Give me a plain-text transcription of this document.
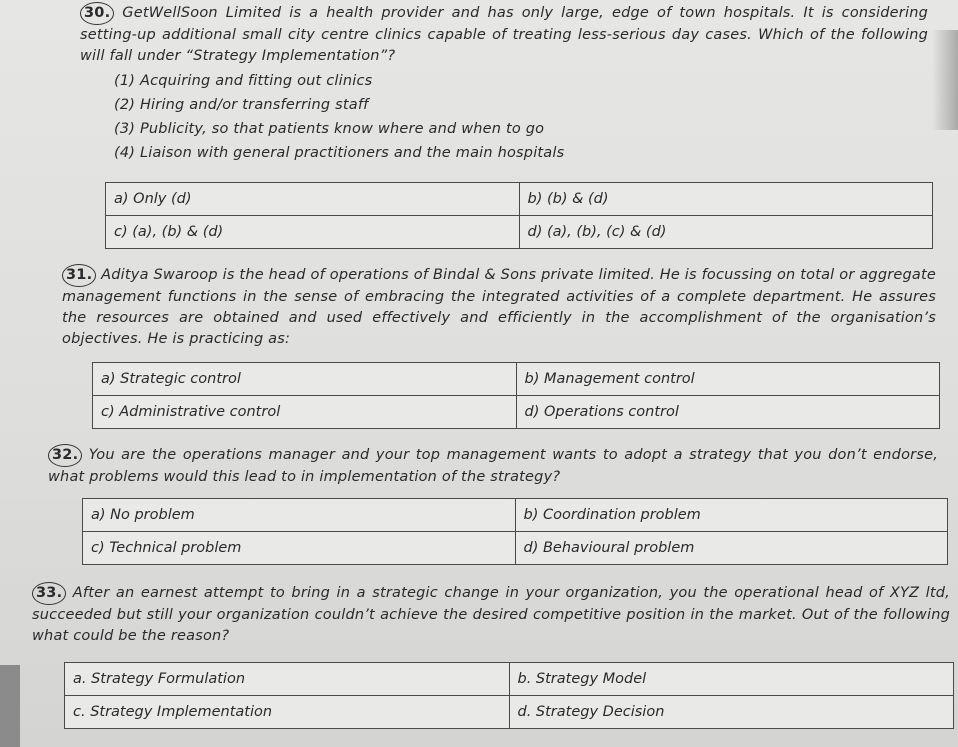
30. GetWellSoon Limited is a health provider and has only large, edge of town hospitals. It is considering setting-up additional small city centre clinics capable of treating less-serious day cases. Which of the following will fall under “Strategy Implementation”?
(1) Acquiring and fitting out clinics
(2) Hiring and/or transferring staff
(3) Publicity, so that patients know where and when to go
(4) Liaison with general practitioners and the main hospitals
a) Only (d)	b) (b) & (d)
c) (a), (b) & (d)	d) (a), (b), (c) & (d)
31. Aditya Swaroop is the head of operations of Bindal & Sons private limited. He is focussing on total or aggregate management functions in the sense of embracing the integrated activities of a complete department. He assures the resources are obtained and used effectively and efficiently in the accomplishment of the organisation’s objectives. He is practicing as:
a) Strategic control	b) Management control
c) Administrative control	d) Operations control
32. You are the operations manager and your top management wants to adopt a strategy that you don’t endorse, what problems would this lead to in implementation of the strategy?
a) No problem	b) Coordination problem
c) Technical problem	d) Behavioural problem
33. After an earnest attempt to bring in a strategic change in your organization, you the operational head of XYZ ltd, succeeded but still your organization couldn’t achieve the desired competitive position in the market. Out of the following what could be the reason?
a. Strategy Formulation	b. Strategy Model
c. Strategy Implementation	d. Strategy Decision
